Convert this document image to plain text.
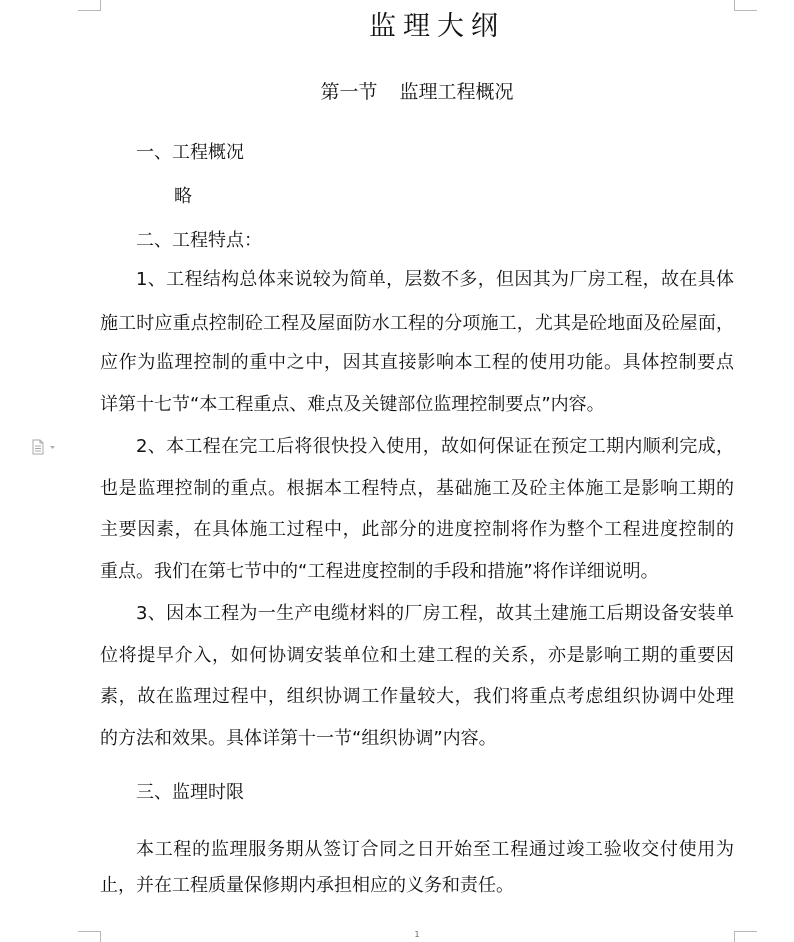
监理大纲
第一节 监理工程概况
一、工程概况
略
二、工程特点：
1、工程结构总体来说较为简单，层数不多，但因其为厂房工程，故在具体
施工时应重点控制砼工程及屋面防水工程的分项施工，尤其是砼地面及砼屋面，
应作为监理控制的重中之中，因其直接影响本工程的使用功能。具体控制要点
详第十七节“本工程重点、难点及关键部位监理控制要点”内容。
2、本工程在完工后将很快投入使用，故如何保证在预定工期内顺利完成，
也是监理控制的重点。根据本工程特点，基础施工及砼主体施工是影响工期的
主要因素，在具体施工过程中，此部分的进度控制将作为整个工程进度控制的
重点。我们在第七节中的“工程进度控制的手段和措施”将作详细说明。
3、因本工程为一生产电缆材料的厂房工程，故其土建施工后期设备安装单
位将提早介入，如何协调安装单位和土建工程的关系，亦是影响工期的重要因
素，故在监理过程中，组织协调工作量较大，我们将重点考虑组织协调中处理
的方法和效果。具体详第十一节“组织协调”内容。
三、监理时限
本工程的监理服务期从签订合同之日开始至工程通过竣工验收交付使用为
止，并在工程质量保修期内承担相应的义务和责任。
1
